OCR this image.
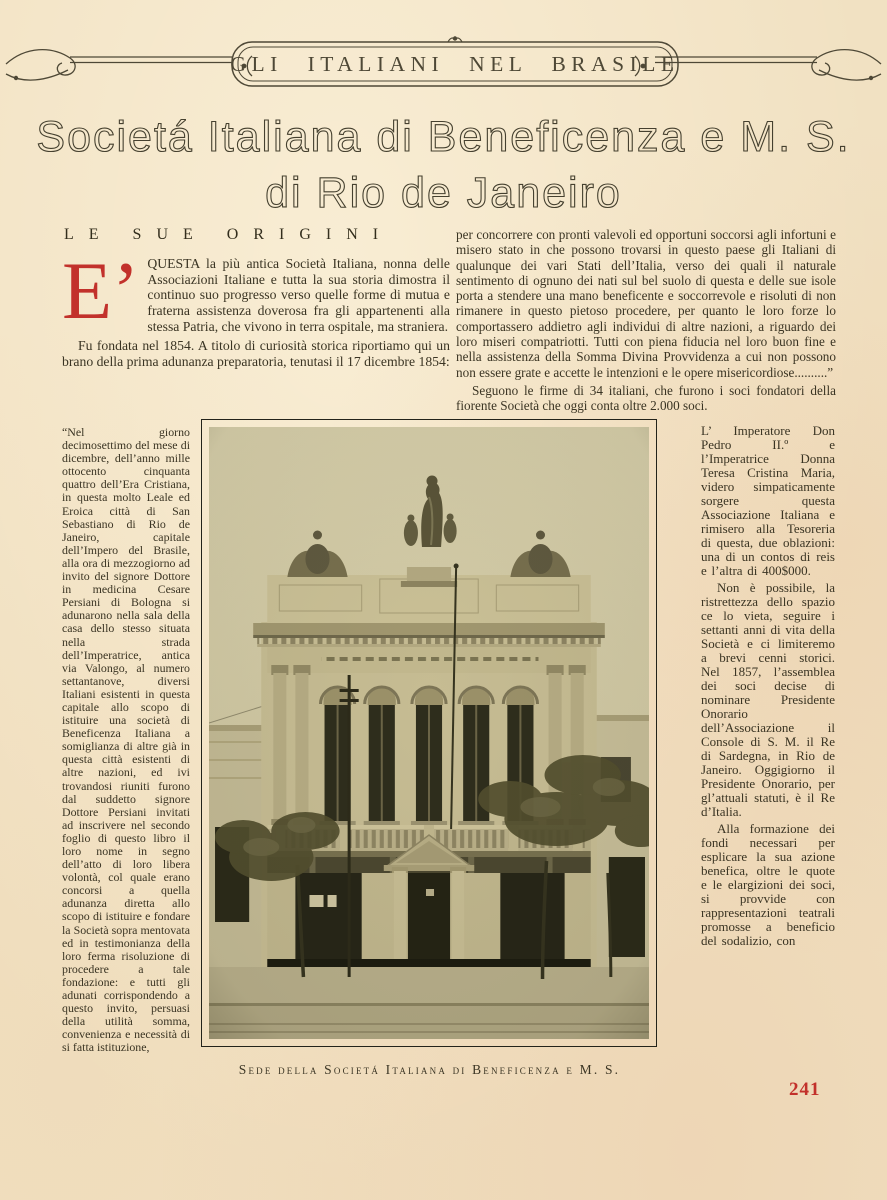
GLI ITALIANI NEL BRASILE
Societá Italiana di Beneficenza e M. S.
di Rio de Janeiro
LE SUE ORIGINI

E’ QUESTA la più antica Società Italiana, nonna delle Associazioni Italiane e tutta la sua storia dimostra il continuo suo progresso verso quelle forme di mutua e fraterna assistenza doverosa fra gli appartenenti alla stessa Patria, che vivono in terra ospitale, ma straniera.

Fu fondata nel 1854. A titolo di curiosità storica riportiamo qui un brano della prima adunanza preparatoria, tenutasi il 17 dicembre 1854:

“Nel giorno decimosettimo del mese di dicembre, dell’anno mille ottocento cinquanta quattro dell’Era Cristiana, in questa molto Leale ed Eroica città di San Sebastiano di Rio de Janeiro, capitale dell’Impero del Brasile, alla ora di mezzogiorno ad invito del signore Dottore in medicina Cesare Persiani di Bologna si adunarono nella sala della casa dello stesso situata nella strada dell’Imperatrice, antica via Valongo, al numero settantanove, diversi Italiani esistenti in questa capitale allo scopo di istituire una società di Beneficenza Italiana a somiglianza di altre già in questa città esistenti di altre nazioni, ed ivi trovandosi riuniti furono dal suddetto signore Dottore Persiani invitati ad inscrivere nel secondo foglio di questo libro il loro nome in segno dell’atto di loro libera volontà, col quale erano concorsi a quella adunanza diretta allo scopo di istituire e fondare la Società sopra mentovata ed in testimonianza della loro ferma risoluzione di procedere a tale fondazione: e tutti gli adunati corrispondendo a questo invito, persuasi della utilità somma, convenienza e necessità di si fatta istituzione,

per concorrere con pronti valevoli ed opportuni soccorsi agli infortuni e misero stato in che possono trovarsi in questo paese gli Italiani di qualunque dei vari Stati dell’Italia, verso dei quali il naturale sentimento di ognuno dei nati sul bel suolo di questa e delle sue isole porta a stendere una mano beneficente e soccorrevole e risoluti di non rimanere in questo pietoso procedere, per quanto le loro forze lo comportassero addietro agli individui di altre nazioni, a riguardo dei loro miseri compatriotti. Tutti con piena fiducia nel loro buon fine e nella assistenza della Somma Divina Provvidenza a cui non possono non essere grate e accette le intenzioni e le opere misericordiose..........”

Seguono le firme di 34 italiani, che furono i soci fondatori della fiorente Società che oggi conta oltre 2.000 soci.

L’ Imperatore Don Pedro II.º e l’Imperatrice Donna Teresa Cristina Maria, videro simpaticamente sorgere questa Associazione Italiana e rimisero alla Tesoreria di questa, due oblazioni: una di un contos di reis e l’altra di 400$000.

Non è possibile, la ristrettezza dello spazio ce lo vieta, seguire i settanti anni di vita della Società e ci limiteremo a brevi cenni storici. Nel 1857, l’assemblea dei soci decise di nominare Presidente Onorario dell’Associazione il Console di S. M. il Re di Sardegna, in Rio de Janeiro. Oggigiorno il Presidente Onorario, per gl’attuali statuti, è il Re d’Italia.

Alla formazione dei fondi necessari per esplicare la sua azione benefica, oltre le quote e le elargizioni dei soci, si provvide con rappresentazioni teatrali promosse a beneficio del sodalizio, con

Sede della Societá Italiana di Beneficenza e M. S.
241
